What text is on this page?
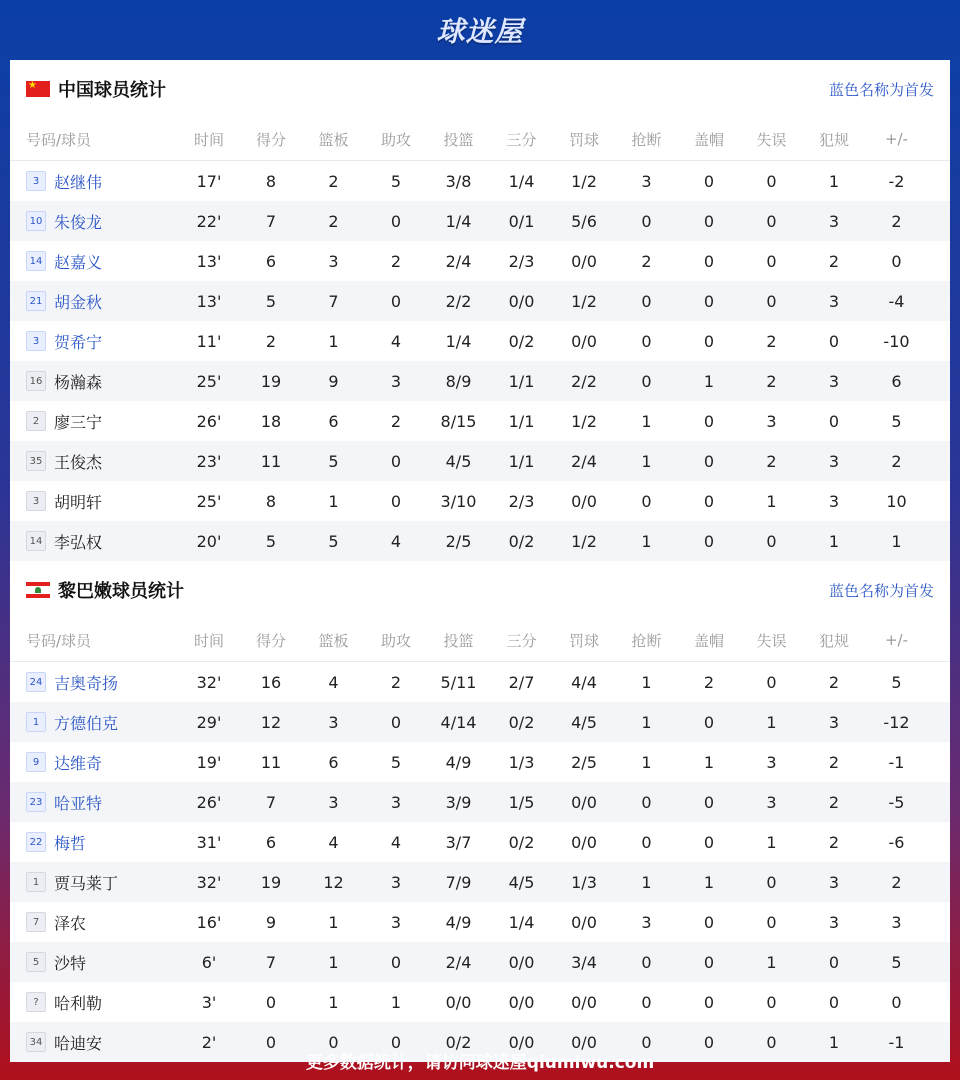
球迷屋
★
中国球员统计	蓝色名称为首发
号码/球员	时间	得分	篮板	助攻	投篮	三分	罚球	抢断	盖帽	失误	犯规	+/-
3 赵继伟	17'	8	2	5	3/8	1/4	1/2	3	0	0	1	-2
10 朱俊龙	22'	7	2	0	1/4	0/1	5/6	0	0	0	3	2
14 赵嘉义	13'	6	3	2	2/4	2/3	0/0	2	0	0	2	0
21 胡金秋	13'	5	7	0	2/2	0/0	1/2	0	0	0	3	-4
3 贺希宁	11'	2	1	4	1/4	0/2	0/0	0	0	2	0	-10
16 杨瀚森	25'	19	9	3	8/9	1/1	2/2	0	1	2	3	6
2 廖三宁	26'	18	6	2	8/15	1/1	1/2	1	0	3	0	5
35 王俊杰	23'	11	5	0	4/5	1/1	2/4	1	0	2	3	2
3 胡明轩	25'	8	1	0	3/10	2/3	0/0	0	0	1	3	10
14 李弘权	20'	5	5	4	2/5	0/2	1/2	1	0	0	1	1
黎巴嫩球员统计	蓝色名称为首发
号码/球员	时间	得分	篮板	助攻	投篮	三分	罚球	抢断	盖帽	失误	犯规	+/-
24 吉奥奇扬	32'	16	4	2	5/11	2/7	4/4	1	2	0	2	5
1 方德伯克	29'	12	3	0	4/14	0/2	4/5	1	0	1	3	-12
9 达维奇	19'	11	6	5	4/9	1/3	2/5	1	1	3	2	-1
23 哈亚特	26'	7	3	3	3/9	1/5	0/0	0	0	3	2	-5
22 梅哲	31'	6	4	4	3/7	0/2	0/0	0	0	1	2	-6
1 贾马莱丁	32'	19	12	3	7/9	4/5	1/3	1	1	0	3	2
7 泽农	16'	9	1	3	4/9	1/4	0/0	3	0	0	3	3
5 沙特	6'	7	1	0	2/4	0/0	3/4	0	0	1	0	5
? 哈利勒	3'	0	1	1	0/0	0/0	0/0	0	0	0	0	0
34 哈迪安	2'	0	0	0	0/2	0/0	0/0	0	0	0	1	-1
更多数据统计，请访问球迷屋qiumiwu.com
